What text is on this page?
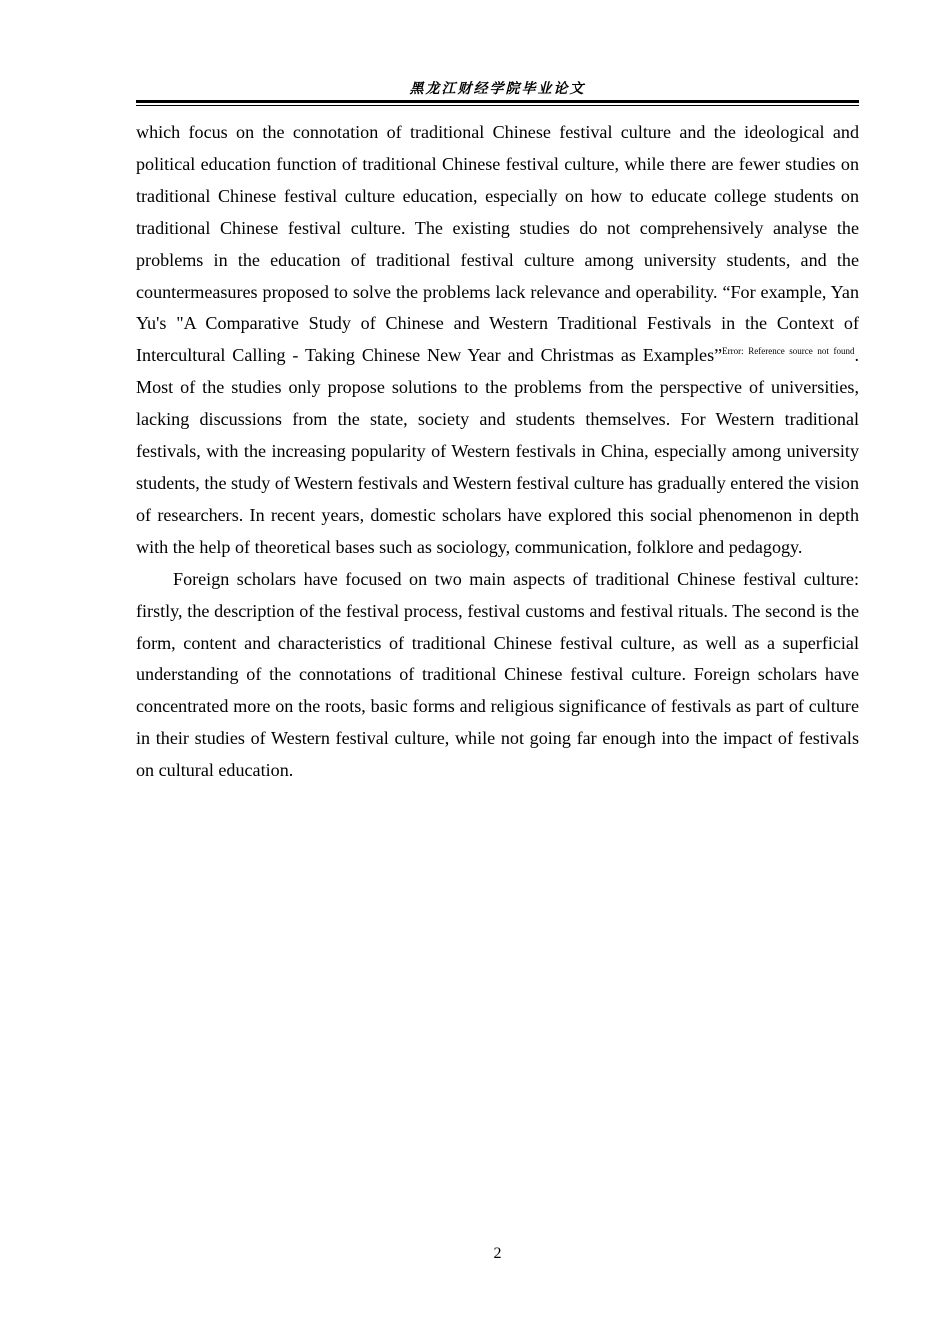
黑龙江财经学院毕业论文

which focus on the connotation of traditional Chinese festival culture and the ideological and political education function of traditional Chinese festival culture, while there are fewer studies on traditional Chinese festival culture education, especially on how to educate college students on traditional Chinese festival culture. The existing studies do not comprehensively analyse the problems in the education of traditional festival culture among university students, and the countermeasures proposed to solve the problems lack relevance and operability. “For example, Yan Yu's "A Comparative Study of Chinese and Western Traditional Festivals in the Context of Intercultural Calling - Taking Chinese New Year and Christmas as Examples”$^{Error: Reference source not found}$. Most of the studies only propose solutions to the problems from the perspective of universities, lacking discussions from the state, society and students themselves. For Western traditional festivals, with the increasing popularity of Western festivals in China, especially among university students, the study of Western festivals and Western festival culture has gradually entered the vision of researchers. In recent years, domestic scholars have explored this social phenomenon in depth with the help of theoretical bases such as sociology, communication, folklore and pedagogy.

Foreign scholars have focused on two main aspects of traditional Chinese festival culture: firstly, the description of the festival process, festival customs and festival rituals. The second is the form, content and characteristics of traditional Chinese festival culture, as well as a superficial understanding of the connotations of traditional Chinese festival culture. Foreign scholars have concentrated more on the roots, basic forms and religious significance of festivals as part of culture in their studies of Western festival culture, while not going far enough into the impact of festivals on cultural education.

2
